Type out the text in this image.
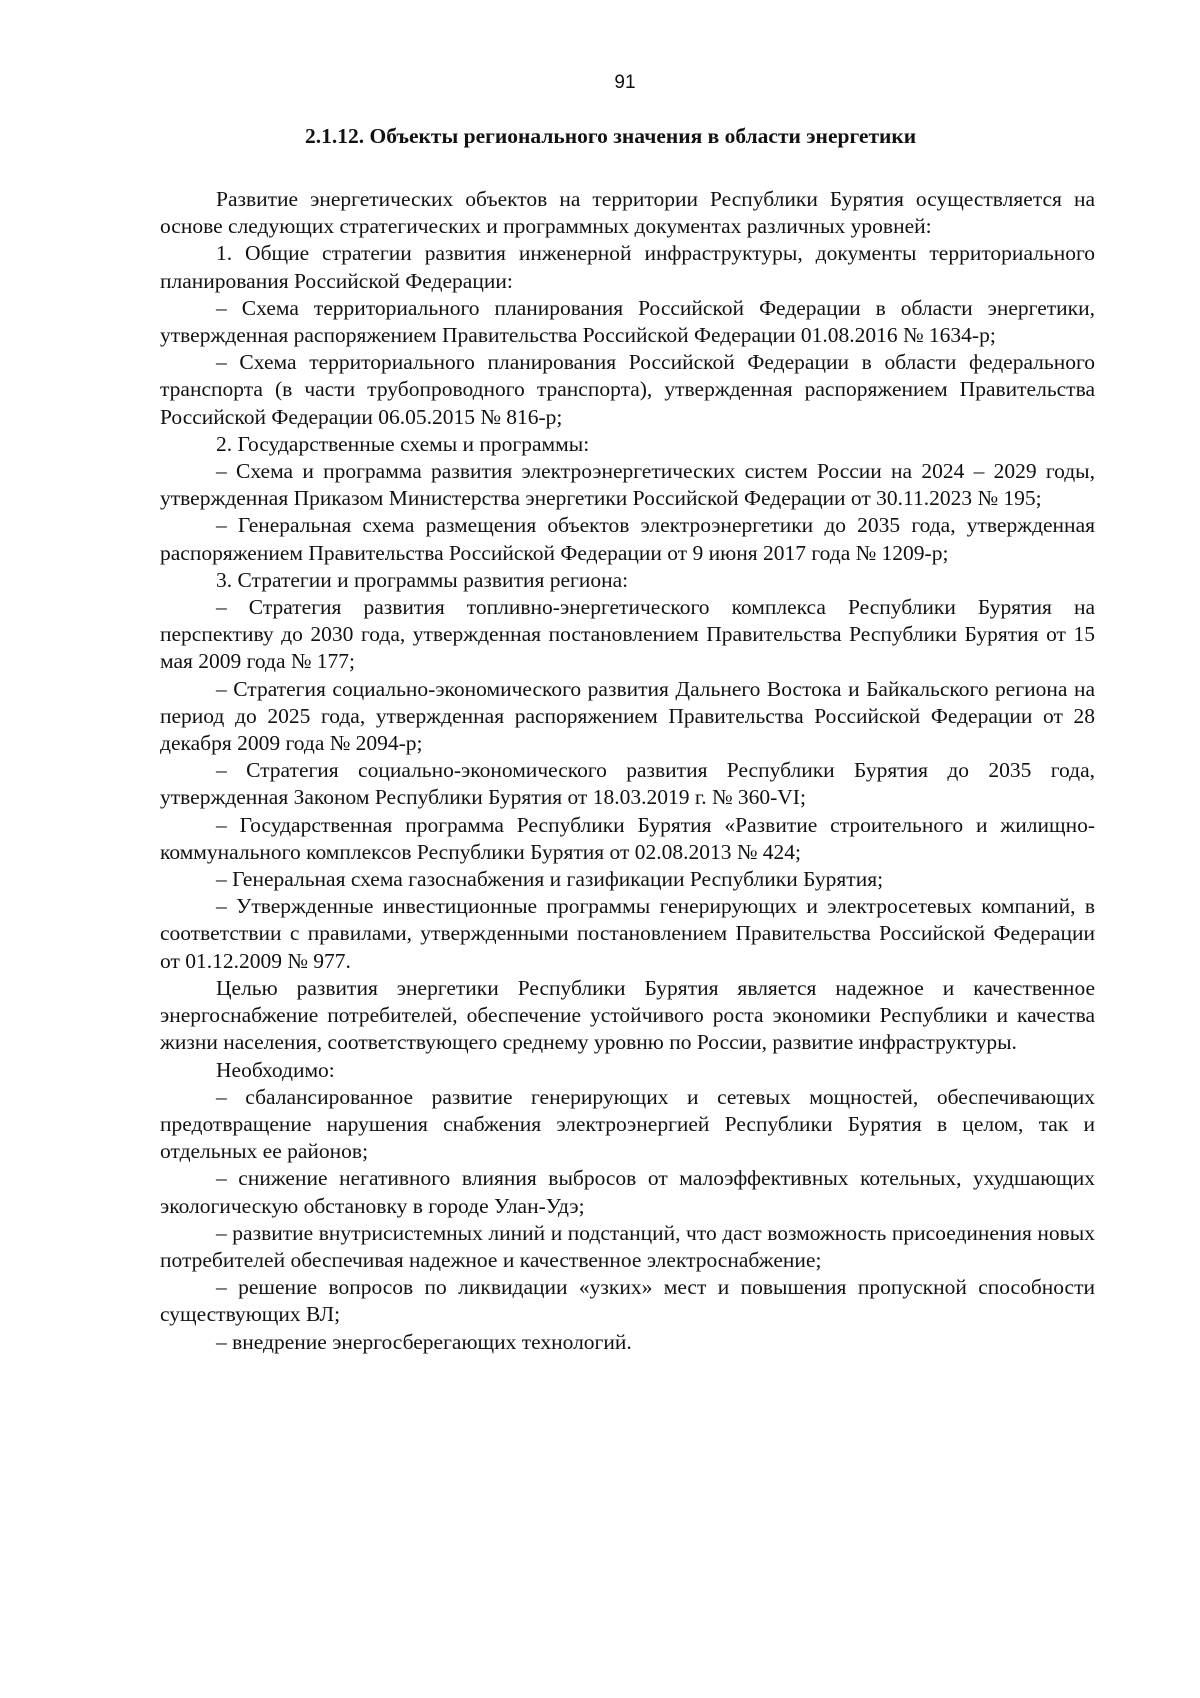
91
2.1.12. Объекты регионального значения в области энергетики

Развитие энергетических объектов на территории Республики Бурятия осуществляется на основе следующих стратегических и программных документах различных уровней:

1. Общие стратегии развития инженерной инфраструктуры, документы территориального планирования Российской Федерации:

– Схема территориального планирования Российской Федерации в области энергетики, утвержденная распоряжением Правительства Российской Федерации 01.08.2016 № 1634-р;

– Схема территориального планирования Российской Федерации в области федерального транспорта (в части трубопроводного транспорта), утвержденная распоряжением Правительства Российской Федерации 06.05.2015 № 816-р;

2. Государственные схемы и программы:

– Схема и программа развития электроэнергетических систем России на 2024 – 2029 годы, утвержденная Приказом Министерства энергетики Российской Федерации от 30.11.2023 № 195;

– Генеральная схема размещения объектов электроэнергетики до 2035 года, утвержденная распоряжением Правительства Российской Федерации от 9 июня 2017 года № 1209-р;

3. Стратегии и программы развития региона:

– Стратегия развития топливно-энергетического комплекса Республики Бурятия на перспективу до 2030 года, утвержденная постановлением Правительства Республики Бурятия от 15 мая 2009 года № 177;

– Стратегия социально-экономического развития Дальнего Востока и Байкальского региона на период до 2025 года, утвержденная распоряжением Правительства Российской Федерации от 28 декабря 2009 года № 2094-р;

– Стратегия социально-экономического развития Республики Бурятия до 2035 года, утвержденная Законом Республики Бурятия от 18.03.2019 г. № 360-VI;

– Государственная программа Республики Бурятия «Развитие строительного и жилищно-коммунального комплексов Республики Бурятия от 02.08.2013 № 424;

– Генеральная схема газоснабжения и газификации Республики Бурятия;

– Утвержденные инвестиционные программы генерирующих и электросетевых компаний, в соответствии с правилами, утвержденными постановлением Правительства Российской Федерации от 01.12.2009 № 977.

Целью развития энергетики Республики Бурятия является надежное и качественное энергоснабжение потребителей, обеспечение устойчивого роста экономики Республики и качества жизни населения, соответствующего среднему уровню по России, развитие инфраструктуры.

Необходимо:

– сбалансированное развитие генерирующих и сетевых мощностей, обеспечивающих предотвращение нарушения снабжения электроэнергией Республики Бурятия в целом, так и отдельных ее районов;

– снижение негативного влияния выбросов от малоэффективных котельных, ухудшающих экологическую обстановку в городе Улан-Удэ;

– развитие внутрисистемных линий и подстанций, что даст возможность присоединения новых потребителей обеспечивая надежное и качественное электроснабжение;

– решение вопросов по ликвидации «узких» мест и повышения пропускной способности существующих ВЛ;

– внедрение энергосберегающих технологий.
